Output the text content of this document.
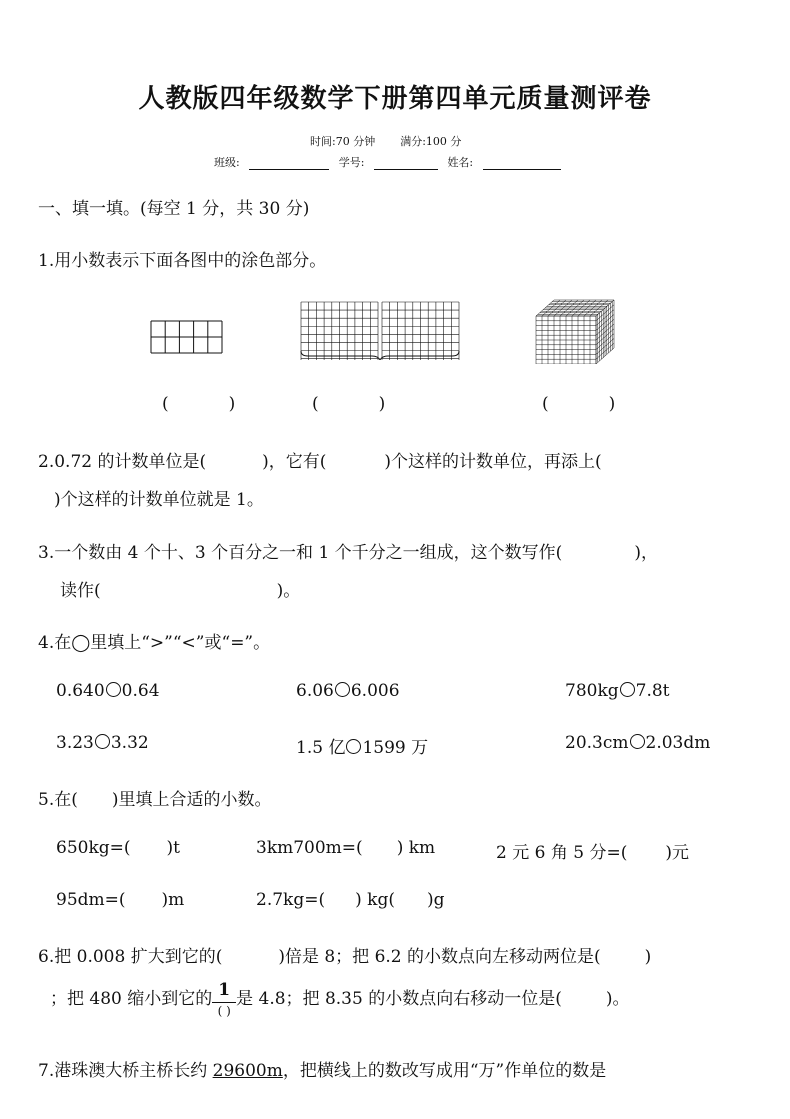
人教版四年级数学下册第四单元质量测评卷
时间:70 分钟 满分:100 分
班级:	学号:	姓名:
一、填一填。(每空 1 分，共 30 分)
1.用小数表示下面各图中的涂色部分。
(	)	(	)	(	)
2.0.72 的计数单位是(	)，它有(	)个这样的计数单位，再添上(
)个这样的计数单位就是 1。
3.一个数由 4 个十、3 个百分之一和 1 个千分之一组成，这个数写作(	)，
读作(	)。
4.在◯里填上“>”“<”或“=”。
0.640 0.64	6.06 6.006	780kg 7.8t
3.23 3.32	1.5 亿 1599 万	20.3cm 2.03dm
5.在( )里填上合适的小数。
650kg=( )t	3km700m=( ) km	2 元 6 角 5 分=( )元
95dm=( )m	2.7kg=( ) kg( )g
6.把 0.008 扩大到它的(	)倍是 8；把 6.2 的小数点向左移动两位是(	)
；把 480 缩小到它的 $\frac{1}{( )}$ 是 4.8；把 8.35 的小数点向右移动一位是(	)。
7.港珠澳大桥主桥长约 29600m，把横线上的数改写成用“万”作单位的数是
